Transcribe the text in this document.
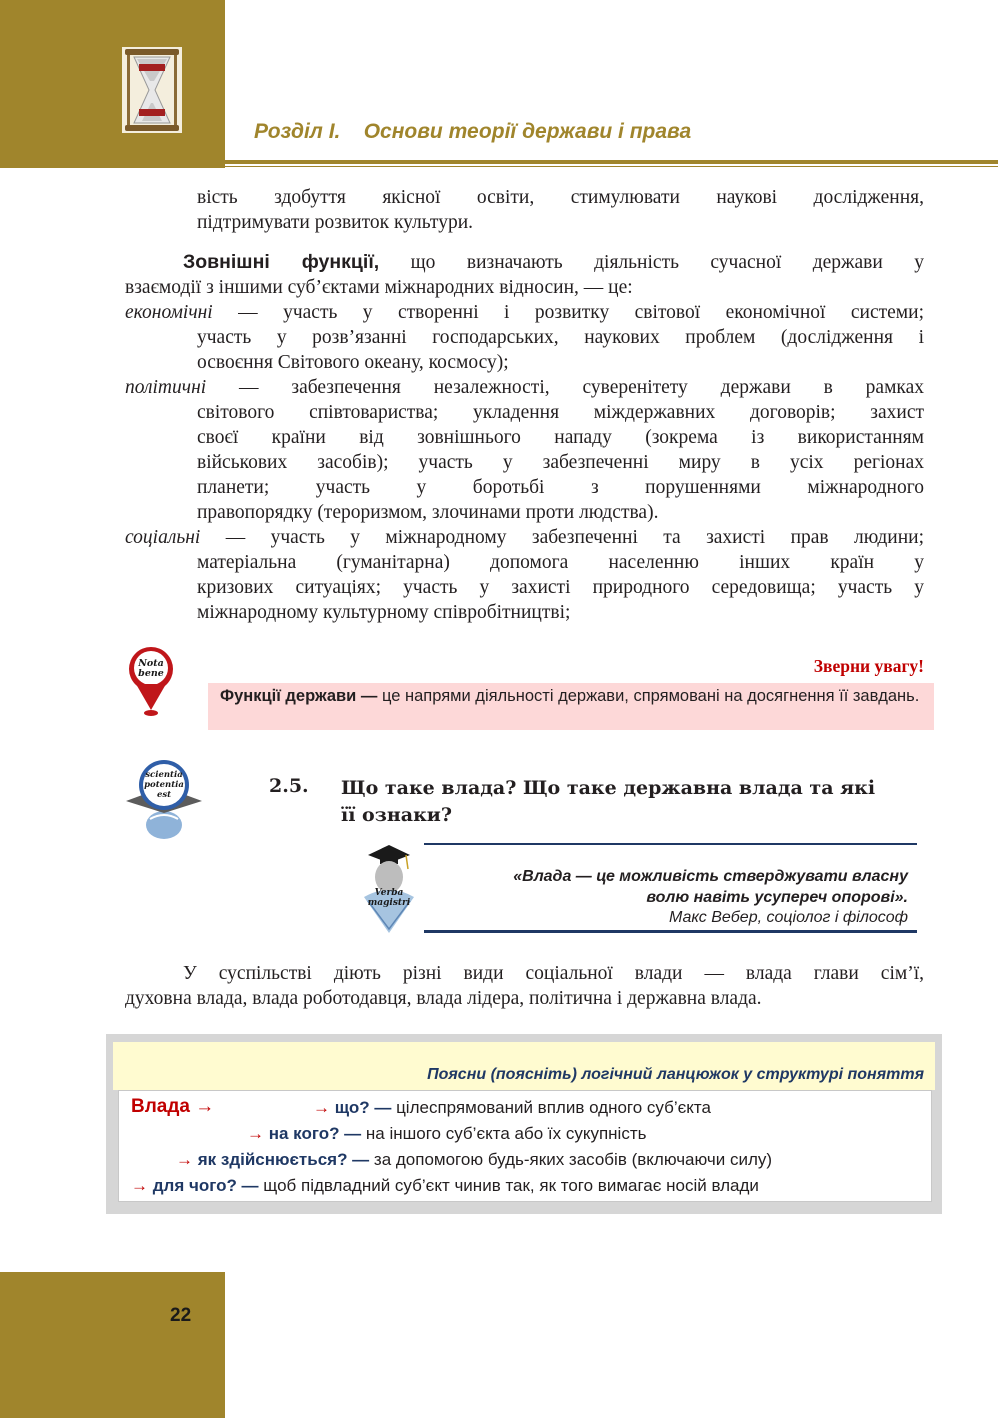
Розділ І.    Основи теорії держави і права
вість здобуття якісної освіти, стимулювати наукові дослідження,
підтримувати розвиток культури.
Зовнішні функції, що визначають діяльність сучасної держави у
взаємодії з іншими суб’єктами міжнародних відносин, — це:
економічні — участь у створенні і розвитку світової економічної системи;
участь у розв’язанні господарських, наукових проблем (дослідження і
освоєння Світового океану, космосу);
політичні — забезпечення незалежності, суверенітету держави в рамках
світового співтовариства; укладення міждержавних договорів; захист
своєї країни від зовнішнього нападу (зокрема із використанням
військових засобів); участь у забезпеченні миру в усіх регіонах
планети; участь у боротьбі з порушеннями міжнародного
правопорядку (тероризмом, злочинами проти людства).
соціальні — участь у міжнародному забезпеченні та захисті прав людини;
матеріальна (гуманітарна) допомога населенню інших країн у
кризових ситуаціях; участь у захисті природного середовища; участь у
міжнародному культурному співробітництві;
Nota
bene	Зверни увагу!
Функції держави — це напрями діяльності держави, спрямовані на досягнення її завдань.
scientia
potentia
est	2.5. Що таке влада? Що таке державна влада та які її ознаки?
Verba
magistri
«Влада — це можливість стверджувати власну
волю навіть усупереч опорові».
Макс Вебер, соціолог і філософ
У суспільстві діють різні види соціальної влади — влада глави сім’ї,
духовна влада, влада роботодавця, влада лідера, політична і державна влада.
Поясни (поясніть) логічний ланцюжок у структурі поняття
Влада →	→ що? — цілеспрямований вплив одного суб’єкта
→ на кого? — на іншого суб’єкта або їх сукупність
→ як здійснюється? — за допомогою будь-яких засобів (включаючи силу)
→ для чого? — щоб підвладний суб’єкт чинив так, як того вимагає носій влади
22
